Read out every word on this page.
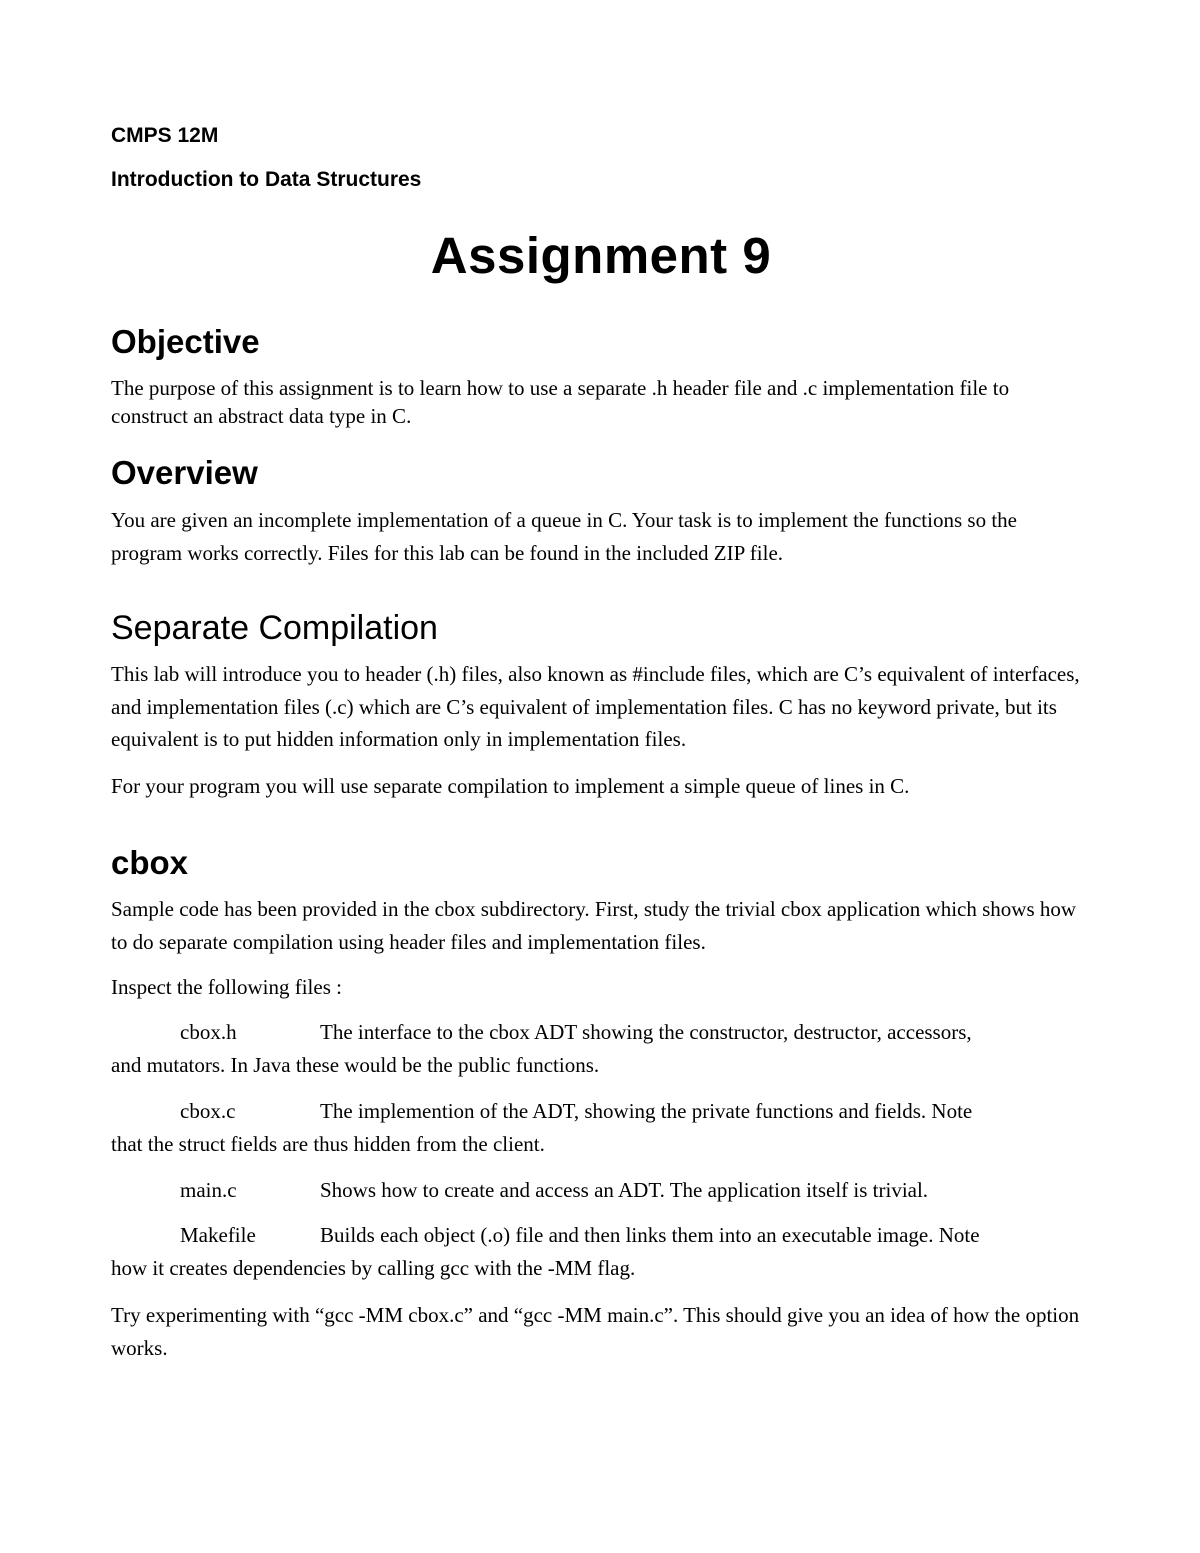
CMPS 12M
Introduction to Data Structures
Assignment 9
Objective
The purpose of this assignment is to learn how to use a separate .h header file and .c implementation file to construct an abstract data type in C.
Overview
You are given an incomplete implementation of a queue in C. Your task is to implement the functions so the program works correctly. Files for this lab can be found in the included ZIP file.
Separate Compilation
This lab will introduce you to header (.h) files, also known as #include files, which are C’s equivalent of interfaces, and implementation files (.c) which are C’s equivalent of implementation files. C has no keyword private, but its equivalent is to put hidden information only in implementation files.
For your program you will use separate compilation to implement a simple queue of lines in C.
cbox
Sample code has been provided in the cbox subdirectory. First, study the trivial cbox application which shows how to do separate compilation using header files and implementation files.
Inspect the following files :
cbox.h	The interface to the cbox ADT showing the constructor, destructor, accessors,
and mutators. In Java these would be the public functions.
cbox.c	The implemention of the ADT, showing the private functions and fields. Note
that the struct fields are thus hidden from the client.
main.c	Shows how to create and access an ADT. The application itself is trivial.
Makefile	Builds each object (.o) file and then links them into an executable image. Note
how it creates dependencies by calling gcc with the -MM flag.
Try experimenting with “gcc -MM cbox.c” and “gcc -MM main.c”. This should give you an idea of how the option works.
